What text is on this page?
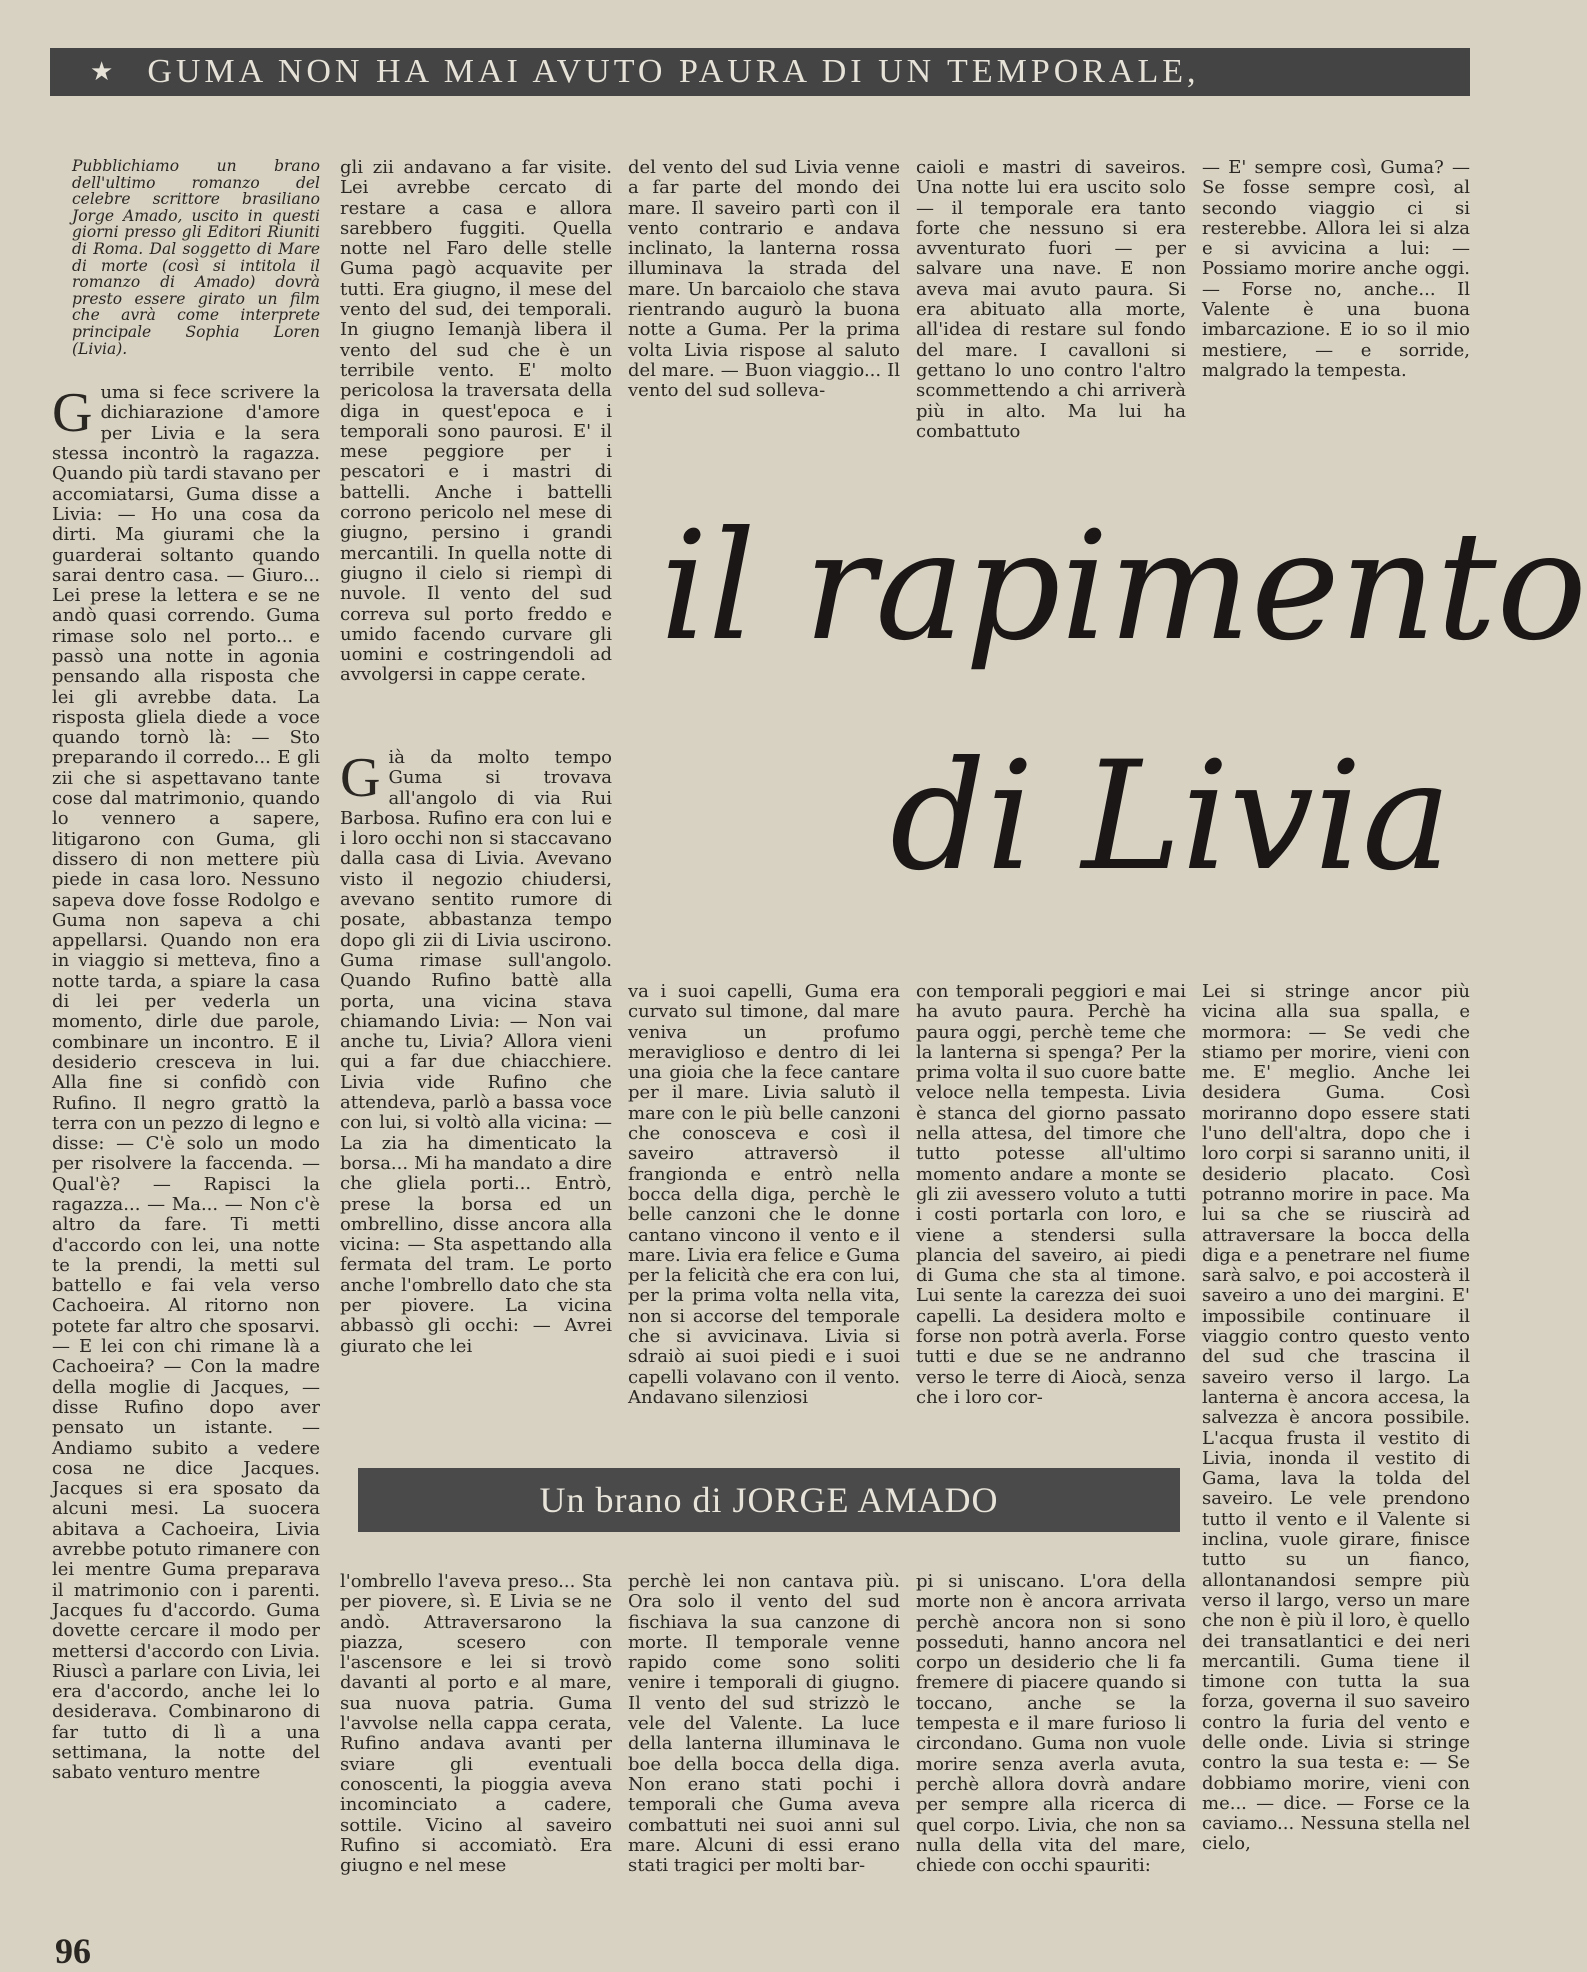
★ GUMA NON HA MAI AVUTO PAURA DI UN TEMPORALE,

Pubblichiamo un brano dell'ultimo romanzo del celebre scrittore brasiliano Jorge Amado, uscito in questi giorni presso gli Editori Riuniti di Roma. Dal soggetto di Mare di morte (così si intitola il romanzo di Amado) dovrà presto essere girato un film che avrà come interprete principale Sophia Loren (Livia).

Guma si fece scrivere la dichiarazione d'amore per Livia e la sera stessa incontrò la ragazza. Quando più tardi stavano per accomiatarsi, Guma disse a Livia: — Ho una cosa da dirti. Ma giurami che la guarderai soltanto quando sarai dentro casa. — Giuro... Lei prese la lettera e se ne andò quasi correndo. Guma rimase solo nel porto... e passò una notte in agonia pensando alla risposta che lei gli avrebbe data. La risposta gliela diede a voce quando tornò là: — Sto preparando il corredo... E gli zii che si aspettavano tante cose dal matrimonio, quando lo vennero a sapere, litigarono con Guma, gli dissero di non mettere più piede in casa loro. Nessuno sapeva dove fosse Rodolgo e Guma non sapeva a chi appellarsi. Quando non era in viaggio si metteva, fino a notte tarda, a spiare la casa di lei per vederla un momento, dirle due parole, combinare un incontro. E il desiderio cresceva in lui. Alla fine si confidò con Rufino. Il negro grattò la terra con un pezzo di legno e disse: — C'è solo un modo per risolvere la faccenda. — Qual'è? — Rapisci la ragazza... — Ma... — Non c'è altro da fare. Ti metti d'accordo con lei, una notte te la prendi, la metti sul battello e fai vela verso Cachoeira. Al ritorno non potete far altro che sposarvi. — E lei con chi rimane là a Cachoeira? — Con la madre della moglie di Jacques, — disse Rufino dopo aver pensato un istante. — Andiamo subito a vedere cosa ne dice Jacques. Jacques si era sposato da alcuni mesi. La suocera abitava a Cachoeira, Livia avrebbe potuto rimanere con lei mentre Guma preparava il matrimonio con i parenti. Jacques fu d'accordo. Guma dovette cercare il modo per mettersi d'accordo con Livia. Riuscì a parlare con Livia, lei era d'accordo, anche lei lo desiderava. Combinarono di far tutto di lì a una settimana, la notte del sabato venturo mentre

gli zii andavano a far visite. Lei avrebbe cercato di restare a casa e allora sarebbero fuggiti. Quella notte nel Faro delle stelle Guma pagò acquavite per tutti. Era giugno, il mese del vento del sud, dei temporali. In giugno Iemanjà libera il vento del sud che è un terribile vento. E' molto pericolosa la traversata della diga in quest'epoca e i temporali sono paurosi. E' il mese peggiore per i pescatori e i mastri di battelli. Anche i battelli corrono pericolo nel mese di giugno, persino i grandi mercantili. In quella notte di giugno il cielo si riempì di nuvole. Il vento del sud correva sul porto freddo e umido facendo curvare gli uomini e costringendoli ad avvolgersi in cappe cerate.

Già da molto tempo Guma si trovava all'angolo di via Rui Barbosa. Rufino era con lui e i loro occhi non si staccavano dalla casa di Livia. Avevano visto il negozio chiudersi, avevano sentito rumore di posate, abbastanza tempo dopo gli zii di Livia uscirono. Guma rimase sull'angolo. Quando Rufino battè alla porta, una vicina stava chiamando Livia: — Non vai anche tu, Livia? Allora vieni qui a far due chiacchiere. Livia vide Rufino che attendeva, parlò a bassa voce con lui, si voltò alla vicina: — La zia ha dimenticato la borsa... Mi ha mandato a dire che gliela porti... Entrò, prese la borsa ed un ombrellino, disse ancora alla vicina: — Sta aspettando alla fermata del tram. Le porto anche l'ombrello dato che sta per piovere. La vicina abbassò gli occhi: — Avrei giurato che lei

l'ombrello l'aveva preso... Sta per piovere, sì. E Livia se ne andò. Attraversarono la piazza, scesero con l'ascensore e lei si trovò davanti al porto e al mare, sua nuova patria. Guma l'avvolse nella cappa cerata, Rufino andava avanti per sviare gli eventuali conoscenti, la pioggia aveva incominciato a cadere, sottile. Vicino al saveiro Rufino si accomiatò. Era giugno e nel mese

del vento del sud Livia venne a far parte del mondo dei mare. Il saveiro partì con il vento contrario e andava inclinato, la lanterna rossa illuminava la strada del mare. Un barcaiolo che stava rientrando augurò la buona notte a Guma. Per la prima volta Livia rispose al saluto del mare. — Buon viaggio... Il vento del sud solleva-

va i suoi capelli, Guma era curvato sul timone, dal mare veniva un profumo meraviglioso e dentro di lei una gioia che la fece cantare per il mare. Livia salutò il mare con le più belle canzoni che conosceva e così il saveiro attraversò il frangionda e entrò nella bocca della diga, perchè le belle canzoni che le donne cantano vincono il vento e il mare. Livia era felice e Guma per la felicità che era con lui, per la prima volta nella vita, non si accorse del temporale che si avvicinava. Livia si sdraiò ai suoi piedi e i suoi capelli volavano con il vento. Andavano silenziosi

perchè lei non cantava più. Ora solo il vento del sud fischiava la sua canzone di morte. Il temporale venne rapido come sono soliti venire i temporali di giugno. Il vento del sud strizzò le vele del Valente. La luce della lanterna illuminava le boe della bocca della diga. Non erano stati pochi i temporali che Guma aveva combattuti nei suoi anni sul mare. Alcuni di essi erano stati tragici per molti bar-

caioli e mastri di saveiros. Una notte lui era uscito solo — il temporale era tanto forte che nessuno si era avventurato fuori — per salvare una nave. E non aveva mai avuto paura. Si era abituato alla morte, all'idea di restare sul fondo del mare. I cavalloni si gettano lo uno contro l'altro scommettendo a chi arriverà più in alto. Ma lui ha combattuto

con temporali peggiori e mai ha avuto paura. Perchè ha paura oggi, perchè teme che la lanterna si spenga? Per la prima volta il suo cuore batte veloce nella tempesta. Livia è stanca del giorno passato nella attesa, del timore che tutto potesse all'ultimo momento andare a monte se gli zii avessero voluto a tutti i costi portarla con loro, e viene a stendersi sulla plancia del saveiro, ai piedi di Guma che sta al timone. Lui sente la carezza dei suoi capelli. La desidera molto e forse non potrà averla. Forse tutti e due se ne andranno verso le terre di Aiocà, senza che i loro cor-

pi si uniscano. L'ora della morte non è ancora arrivata perchè ancora non si sono posseduti, hanno ancora nel corpo un desiderio che li fa fremere di piacere quando si toccano, anche se la tempesta e il mare furioso li circondano. Guma non vuole morire senza averla avuta, perchè allora dovrà andare per sempre alla ricerca di quel corpo. Livia, che non sa nulla della vita del mare, chiede con occhi spauriti:

— E' sempre così, Guma? — Se fosse sempre così, al secondo viaggio ci si resterebbe. Allora lei si alza e si avvicina a lui: — Possiamo morire anche oggi. — Forse no, anche... Il Valente è una buona imbarcazione. E io so il mio mestiere, — e sorride, malgrado la tempesta.

Lei si stringe ancor più vicina alla sua spalla, e mormora: — Se vedi che stiamo per morire, vieni con me. E' meglio. Anche lei desidera Guma. Così moriranno dopo essere stati l'uno dell'altra, dopo che i loro corpi si saranno uniti, il desiderio placato. Così potranno morire in pace. Ma lui sa che se riuscirà ad attraversare la bocca della diga e a penetrare nel fiume sarà salvo, e poi accosterà il saveiro a uno dei margini. E' impossibile continuare il viaggio contro questo vento del sud che trascina il saveiro verso il largo. La lanterna è ancora accesa, la salvezza è ancora possibile. L'acqua frusta il vestito di Livia, inonda il vestito di Gama, lava la tolda del saveiro. Le vele prendono tutto il vento e il Valente si inclina, vuole girare, finisce tutto su un fianco, allontanandosi sempre più verso il largo, verso un mare che non è più il loro, è quello dei transatlantici e dei neri mercantili. Guma tiene il timone con tutta la sua forza, governa il suo saveiro contro la furia del vento e delle onde. Livia si stringe contro la sua testa e: — Se dobbiamo morire, vieni con me... — dice. — Forse ce la caviamo... Nessuna stella nel cielo,

il rapimento
di Livia
Un brano di JORGE AMADO
96
